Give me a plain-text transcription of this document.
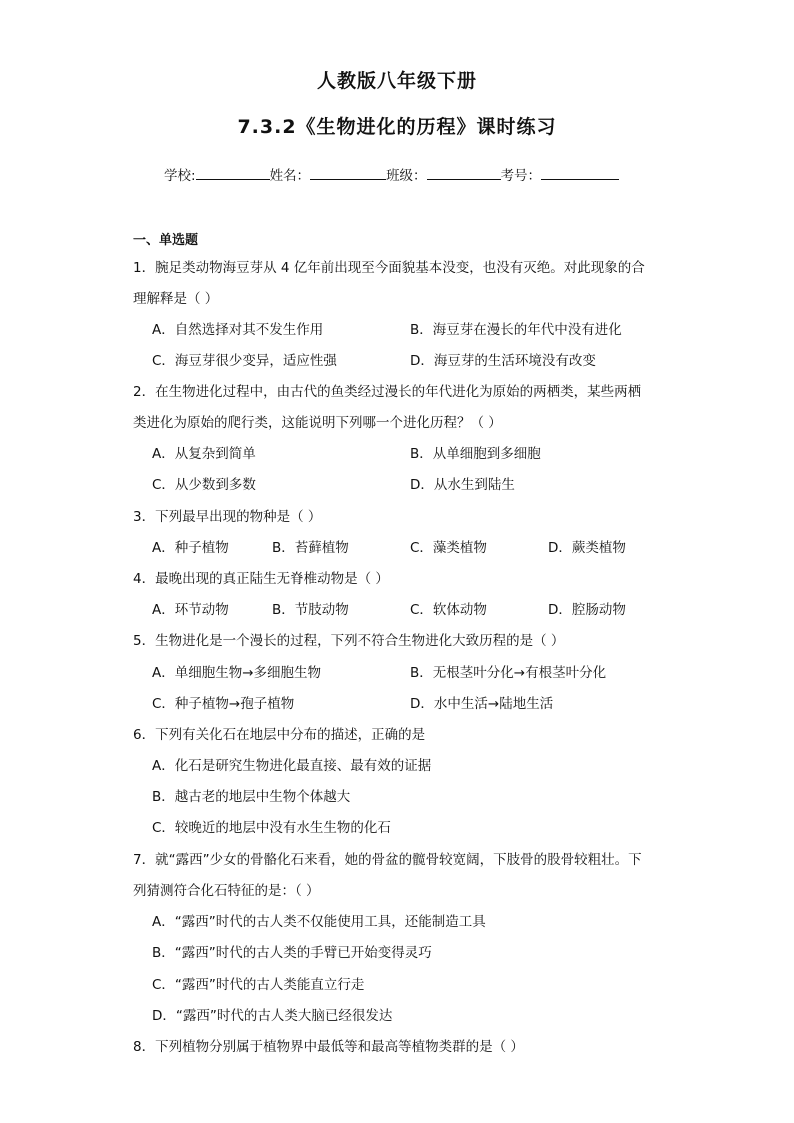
人教版八年级下册
7.3.2《生物进化的历程》课时练习
学校:	姓名：	班级：	考号：
一、单选题
1．腕足类动物海豆芽从 4 亿年前出现至今面貌基本没变，也没有灭绝。对此现象的合
理解释是（ ）
A．自然选择对其不发生作用	B．海豆芽在漫长的年代中没有进化
C．海豆芽很少变异，适应性强	D．海豆芽的生活环境没有改变
2．在生物进化过程中，由古代的鱼类经过漫长的年代进化为原始的两栖类，某些两栖
类进化为原始的爬行类，这能说明下列哪一个进化历程？（ ）
A．从复杂到简单	B．从单细胞到多细胞
C．从少数到多数	D．从水生到陆生
3．下列最早出现的物种是（ ）
A．种子植物	B．苔藓植物	C．藻类植物	D．蕨类植物
4．最晚出现的真正陆生无脊椎动物是（ ）
A．环节动物	B．节肢动物	C．软体动物	D．腔肠动物
5．生物进化是一个漫长的过程，下列不符合生物进化大致历程的是（ ）
A．单细胞生物→多细胞生物	B．无根茎叶分化→有根茎叶分化
C．种子植物→孢子植物	D．水中生活→陆地生活
6．下列有关化石在地层中分布的描述，正确的是
A．化石是研究生物进化最直接、最有效的证据
B．越古老的地层中生物个体越大
C．较晚近的地层中没有水生生物的化石
7．就“露西”少女的骨骼化石来看，她的骨盆的髋骨较宽阔，下肢骨的股骨较粗壮。下
列猜测符合化石特征的是：（ ）
A．“露西”时代的古人类不仅能使用工具，还能制造工具
B．“露西”时代的古人类的手臂已开始变得灵巧
C．“露西”时代的古人类能直立行走
D．“露西”时代的古人类大脑已经很发达
8．下列植物分别属于植物界中最低等和最高等植物类群的是（ ）
